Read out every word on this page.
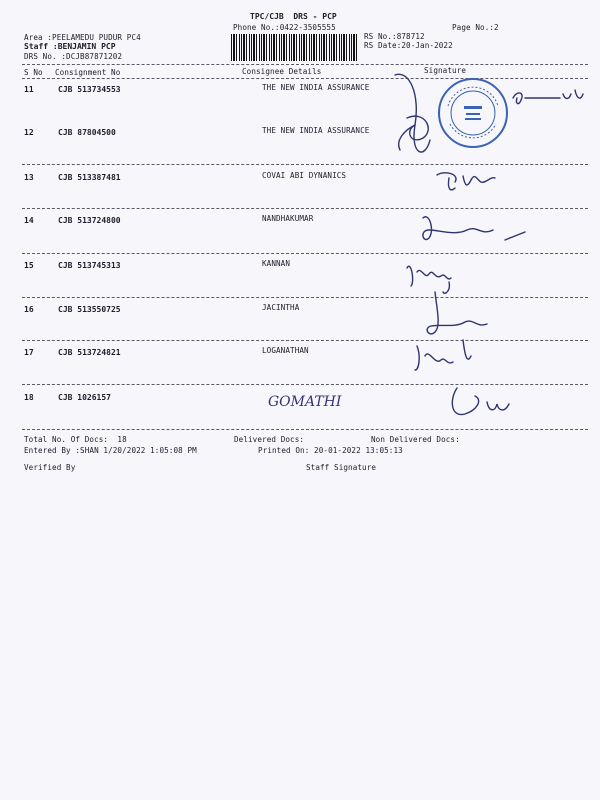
TPC/CJB  DRS - PCP
Phone No.:0422-3505555	Page No.:2
Area :PEELAMEDU PUDUR PC4
Staff :BENJAMIN PCP
DRS No. :DCJB87871202
RS No.:878712
RS Date:20-Jan-2022
S No Consignment No	Consignee Details	Signature
11	CJB 513734553	THE NEW INDIA ASSURANCE
12	CJB 87804500	THE NEW INDIA ASSURANCE
13	CJB 513387481	COVAI ABI DYNANICS
14	CJB 513724800	NANDHAKUMAR
15	CJB 513745313	KANNAN
16	CJB 513550725	JACINTHA
17	CJB 513724821	LOGANATHAN
18	CJB 1026157	GOMATHI
Total No. Of Docs:  18	Delivered Docs:	Non Delivered Docs:
Entered By :SHAN 1/20/2022 1:05:08 PM	Printed On: 20-01-2022 13:05:13
Verified By	Staff Signature
